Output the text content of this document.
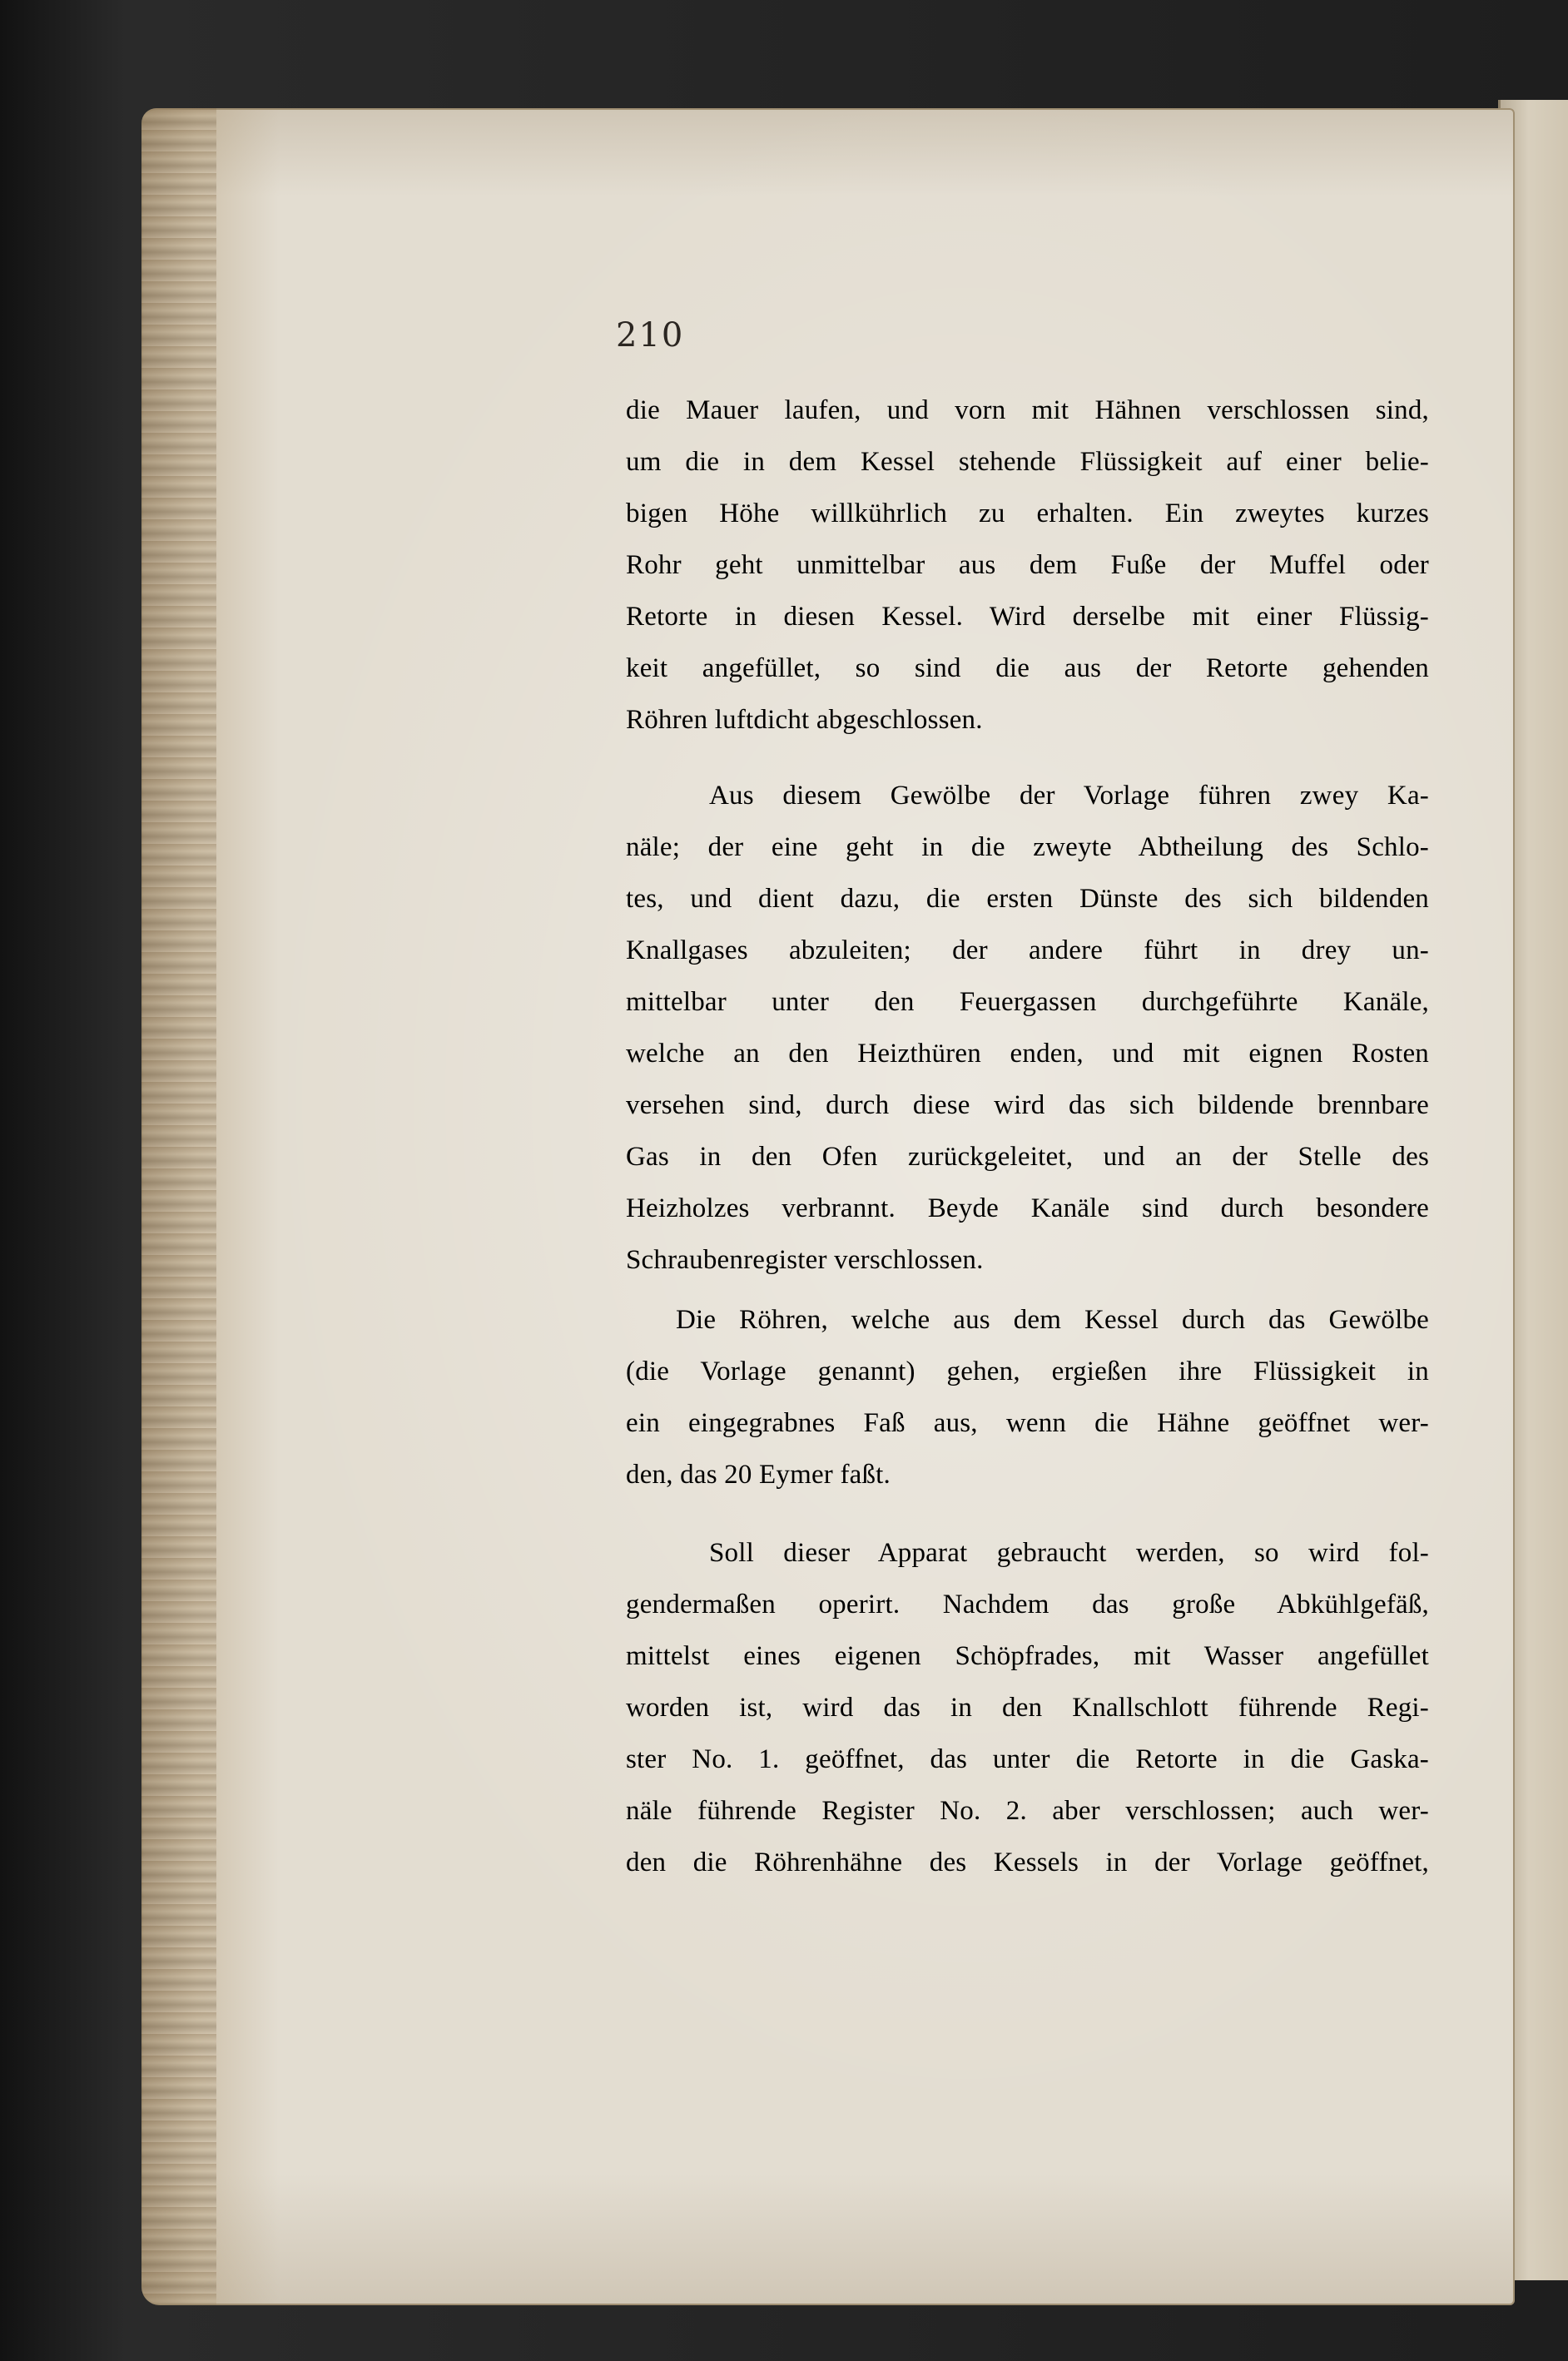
210
die Mauer laufen, und vorn mit Hähnen verschlossen sind,
um die in dem Kessel stehende Flüssigkeit auf einer belie-
bigen Höhe willkührlich zu erhalten. Ein zweytes kurzes
Rohr geht unmittelbar aus dem Fuße der Muffel oder
Retorte in diesen Kessel. Wird derselbe mit einer Flüssig-
keit angefüllet, so sind die aus der Retorte gehenden
Röhren luftdicht abgeschlossen.
Aus diesem Gewölbe der Vorlage führen zwey Ka-
näle; der eine geht in die zweyte Abtheilung des Schlo-
tes, und dient dazu, die ersten Dünste des sich bildenden
Knallgases abzuleiten; der andere führt in drey un-
mittelbar unter den Feuergassen durchgeführte Kanäle,
welche an den Heizthüren enden, und mit eignen Rosten
versehen sind, durch diese wird das sich bildende brennbare
Gas in den Ofen zurückgeleitet, und an der Stelle des
Heizholzes verbrannt. Beyde Kanäle sind durch besondere
Schraubenregister verschlossen.
Die Röhren, welche aus dem Kessel durch das Gewölbe
(die Vorlage genannt) gehen, ergießen ihre Flüssigkeit in
ein eingegrabnes Faß aus, wenn die Hähne geöffnet wer-
den, das 20 Eymer faßt.
Soll dieser Apparat gebraucht werden, so wird fol-
gendermaßen operirt. Nachdem das große Abkühlgefäß,
mittelst eines eigenen Schöpfrades, mit Wasser angefüllet
worden ist, wird das in den Knallschlott führende Regi-
ster No. 1. geöffnet, das unter die Retorte in die Gaska-
näle führende Register No. 2. aber verschlossen; auch wer-
den die Röhrenhähne des Kessels in der Vorlage geöffnet,
